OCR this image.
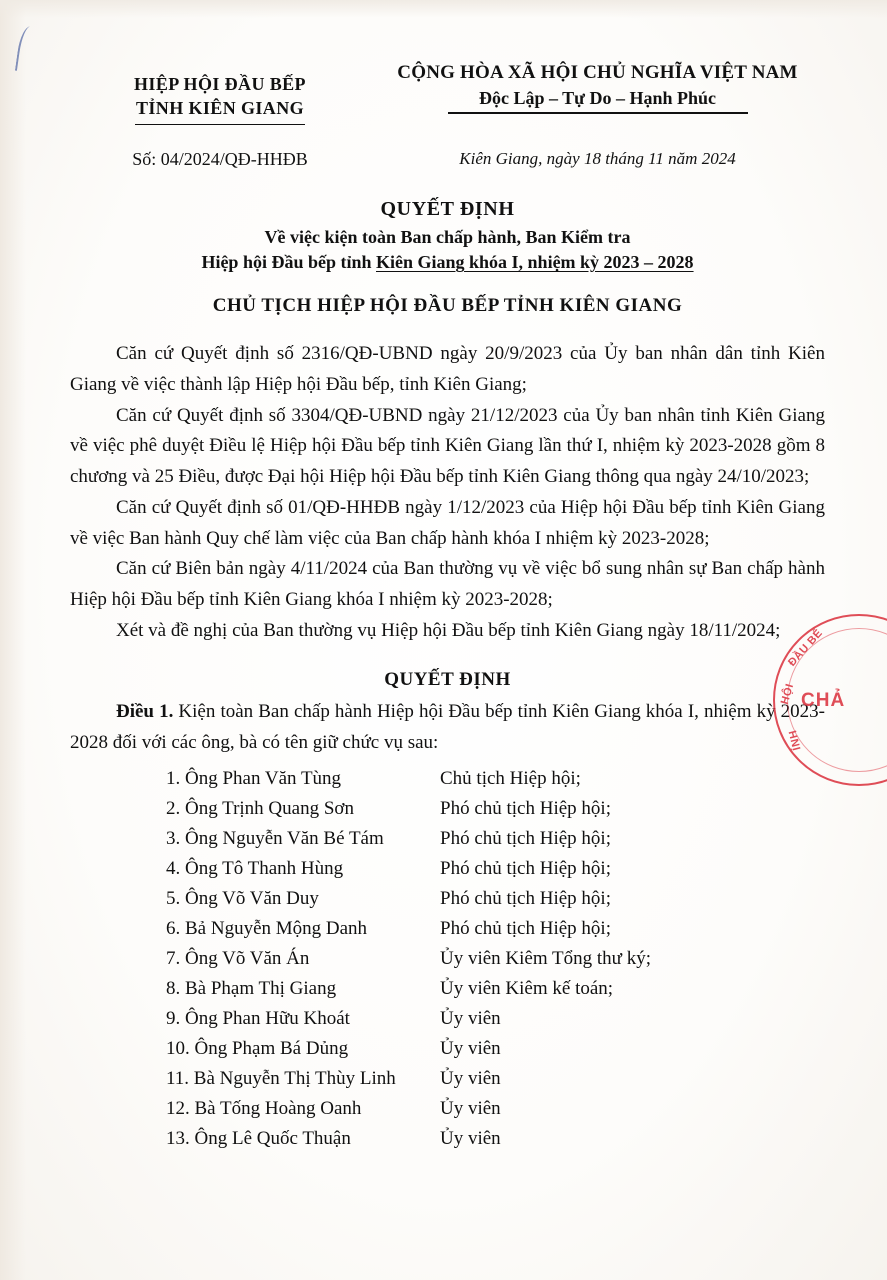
HIỆP HỘI ĐẦU BẾP
TỈNH KIÊN GIANG
CỘNG HÒA XÃ HỘI CHỦ NGHĨA VIỆT NAM
Độc Lập – Tự Do – Hạnh Phúc
Số: 04/2024/QĐ-HHĐB	Kiên Giang, ngày 18 tháng 11 năm 2024
QUYẾT ĐỊNH
Về việc kiện toàn Ban chấp hành, Ban Kiểm tra
Hiệp hội Đầu bếp tỉnh Kiên Giang khóa I, nhiệm kỳ 2023 – 2028
CHỦ TỊCH HIỆP HỘI ĐẦU BẾP TỈNH KIÊN GIANG

Căn cứ Quyết định số 2316/QĐ-UBND ngày 20/9/2023 của Ủy ban nhân dân tỉnh Kiên Giang về việc thành lập Hiệp hội Đầu bếp, tỉnh Kiên Giang;

Căn cứ Quyết định số 3304/QĐ-UBND ngày 21/12/2023 của Ủy ban nhân tỉnh Kiên Giang về việc phê duyệt Điều lệ Hiệp hội Đầu bếp tỉnh Kiên Giang lần thứ I, nhiệm kỳ 2023-2028 gồm 8 chương và 25 Điều, được Đại hội Hiệp hội Đầu bếp tỉnh Kiên Giang thông qua ngày 24/10/2023;

Căn cứ Quyết định số 01/QĐ-HHĐB ngày 1/12/2023 của Hiệp hội Đầu bếp tỉnh Kiên Giang về việc Ban hành Quy chế làm việc của Ban chấp hành khóa I nhiệm kỳ 2023-2028;

Căn cứ Biên bản ngày 4/11/2024 của Ban thường vụ về việc bổ sung nhân sự Ban chấp hành Hiệp hội Đầu bếp tỉnh Kiên Giang khóa I nhiệm kỳ 2023-2028;

Xét và đề nghị của Ban thường vụ Hiệp hội Đầu bếp tỉnh Kiên Giang ngày 18/11/2024;

QUYẾT ĐỊNH

Điều 1. Kiện toàn Ban chấp hành Hiệp hội Đầu bếp tỉnh Kiên Giang khóa I, nhiệm kỳ 2023-2028 đối với các ông, bà có tên giữ chức vụ sau:

1. Ông Phan Văn Tùng	Chủ tịch Hiệp hội;
2. Ông Trịnh Quang Sơn	Phó chủ tịch Hiệp hội;
3. Ông Nguyễn Văn Bé Tám	Phó chủ tịch Hiệp hội;
4. Ông Tô Thanh Hùng	Phó chủ tịch Hiệp hội;
5. Ông Võ Văn Duy	Phó chủ tịch Hiệp hội;
6. Bả Nguyễn Mộng Danh	Phó chủ tịch Hiệp hội;
7. Ông Võ Văn Án	Ủy viên Kiêm Tổng thư ký;
8. Bà Phạm Thị Giang	Ủy viên Kiêm kế toán;
9. Ông Phan Hữu Khoát	Ủy viên
10. Ông Phạm Bá Dủng	Ủy viên
11. Bà Nguyễn Thị Thùy Linh	Ủy viên
12. Bà Tống Hoàng Oanh	Ủy viên
13. Ông Lê Quốc Thuận	Ủy viên
ĐẦU BẾ
HỘI
ỈNH
CHẢ
